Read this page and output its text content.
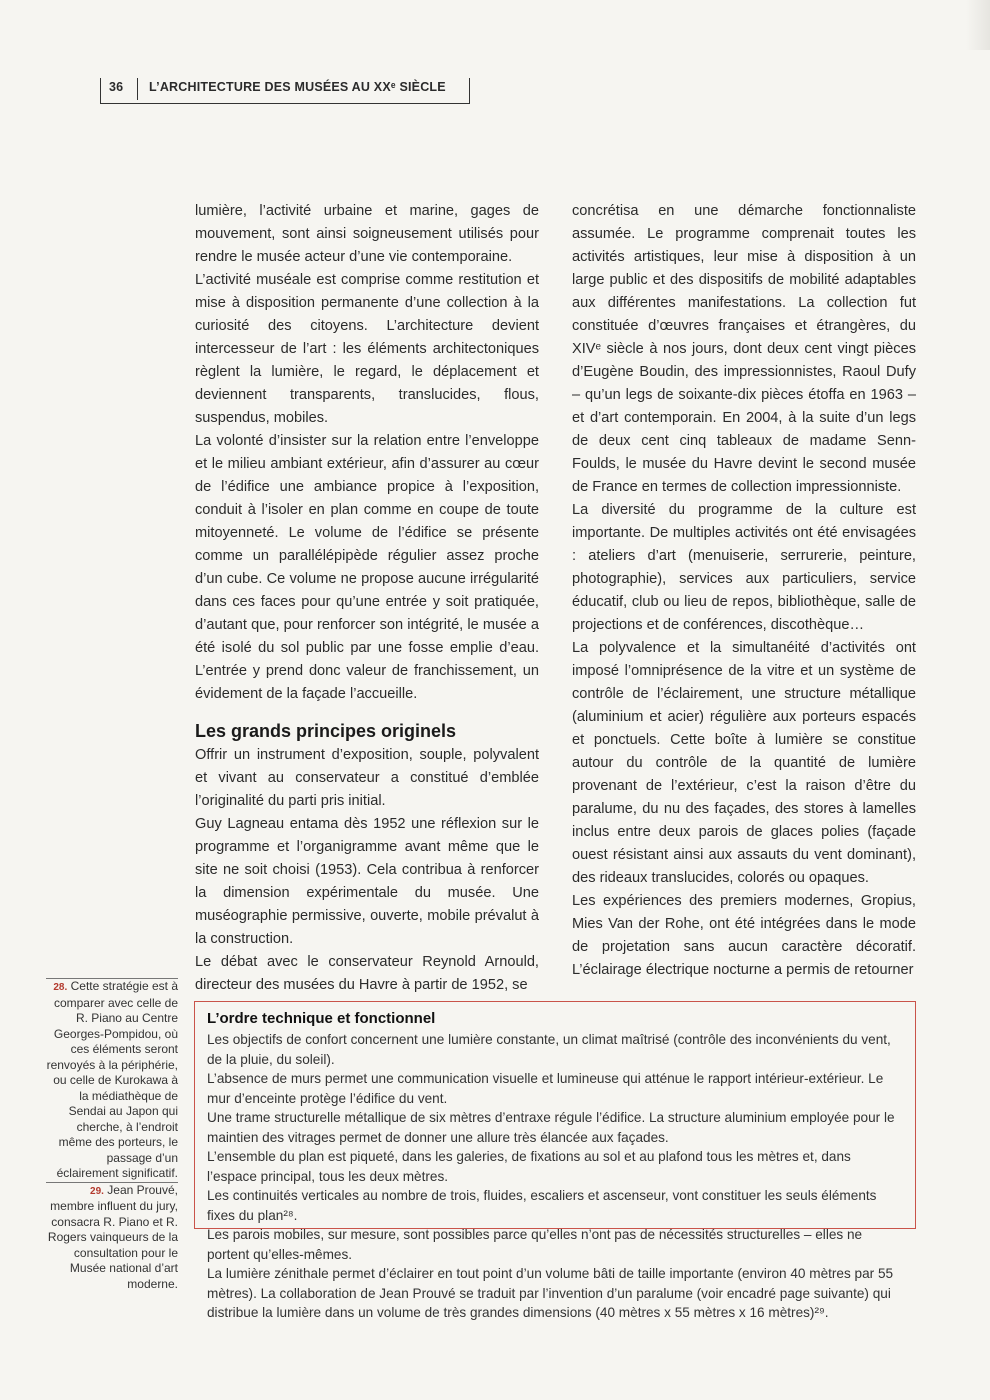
36 L’ARCHITECTURE DES MUSÉES AU XXᵉ SIÈCLE

lumière, l’activité urbaine et marine, gages de mouvement, sont ainsi soigneusement utilisés pour rendre le musée acteur d’une vie contemporaine.

L’activité muséale est comprise comme restitution et mise à disposition permanente d’une collection à la curiosité des citoyens. L’architecture devient intercesseur de l’art : les éléments architectoniques règlent la lumière, le regard, le déplacement et deviennent transparents, translucides, flous, suspendus, mobiles.

La volonté d’insister sur la relation entre l’enveloppe et le milieu ambiant extérieur, afin d’assurer au cœur de l’édifice une ambiance propice à l’exposition, conduit à l’isoler en plan comme en coupe de toute mitoyenneté. Le volume de l’édifice se présente comme un parallélépipède régulier assez proche d’un cube. Ce volume ne propose aucune irrégularité dans ces faces pour qu’une entrée y soit pratiquée, d’autant que, pour renforcer son intégrité, le musée a été isolé du sol public par une fosse emplie d’eau. L’entrée y prend donc valeur de franchissement, un évidement de la façade l’accueille.

Les grands principes originels

Offrir un instrument d’exposition, souple, polyvalent et vivant au conservateur a constitué d’emblée l’originalité du parti pris initial.

Guy Lagneau entama dès 1952 une réflexion sur le programme et l’organigramme avant même que le site ne soit choisi (1953). Cela contribua à renforcer la dimension expérimentale du musée. Une muséographie permissive, ouverte, mobile prévalut à la construction.

Le débat avec le conservateur Reynold Arnould, directeur des musées du Havre à partir de 1952, se

concrétisa en une démarche fonctionnaliste assumée. Le programme comprenait toutes les activités artistiques, leur mise à disposition à un large public et des dispositifs de mobilité adaptables aux différentes manifestations. La collection fut constituée d’œuvres françaises et étrangères, du XIVᵉ siècle à nos jours, dont deux cent vingt pièces d’Eugène Boudin, des impressionnistes, Raoul Dufy – qu’un legs de soixante-dix pièces étoffa en 1963 – et d’art contemporain. En 2004, à la suite d’un legs de deux cent cinq tableaux de madame Senn-Foulds, le musée du Havre devint le second musée de France en termes de collection impressionniste.

La diversité du programme de la culture est importante. De multiples activités ont été envisagées : ateliers d’art (menuiserie, serrurerie, peinture, photographie), services aux particuliers, service éducatif, club ou lieu de repos, bibliothèque, salle de projections et de conférences, discothèque…

La polyvalence et la simultanéité d’activités ont imposé l’omniprésence de la vitre et un système de contrôle de l’éclairement, une structure métallique (aluminium et acier) régulière aux porteurs espacés et ponctuels. Cette boîte à lumière se constitue autour du contrôle de la quantité de lumière provenant de l’extérieur, c’est la raison d’être du paralume, du nu des façades, des stores à lamelles inclus entre deux parois de glaces polies (façade ouest résistant ainsi aux assauts du vent dominant), des rideaux translucides, colorés ou opaques.

Les expériences des premiers modernes, Gropius, Mies Van der Rohe, ont été intégrées dans le mode de projetation sans aucun caractère décoratif. L’éclairage électrique nocturne a permis de retourner

28. Cette stratégie est à comparer avec celle de R. Piano au Centre Georges-Pompidou, où ces éléments seront renvoyés à la périphérie, ou celle de Kurokawa à la médiathèque de Sendai au Japon qui cherche, à l’endroit même des porteurs, le passage d’un éclairement significatif.
29. Jean Prouvé, membre influent du jury, consacra R. Piano et R. Rogers vainqueurs de la consultation pour le Musée national d’art moderne.
L’ordre technique et fonctionnel

Les objectifs de confort concernent une lumière constante, un climat maîtrisé (contrôle des inconvénients du vent, de la pluie, du soleil).

L’absence de murs permet une communication visuelle et lumineuse qui atténue le rapport intérieur-extérieur. Le mur d’enceinte protège l’édifice du vent.

Une trame structurelle métallique de six mètres d’entraxe régule l’édifice. La structure aluminium employée pour le maintien des vitrages permet de donner une allure très élancée aux façades.

L’ensemble du plan est piqueté, dans les galeries, de fixations au sol et au plafond tous les mètres et, dans l’espace principal, tous les deux mètres.

Les continuités verticales au nombre de trois, fluides, escaliers et ascenseur, vont constituer les seuls éléments fixes du plan²⁸.

Les parois mobiles, sur mesure, sont possibles parce qu’elles n’ont pas de nécessités structurelles – elles ne portent qu’elles-mêmes.

La lumière zénithale permet d’éclairer en tout point d’un volume bâti de taille importante (environ 40 mètres par 55 mètres). La collaboration de Jean Prouvé se traduit par l’invention d’un paralume (voir encadré page suivante) qui distribue la lumière dans un volume de très grandes dimensions (40 mètres x 55 mètres x 16 mètres)²⁹.
